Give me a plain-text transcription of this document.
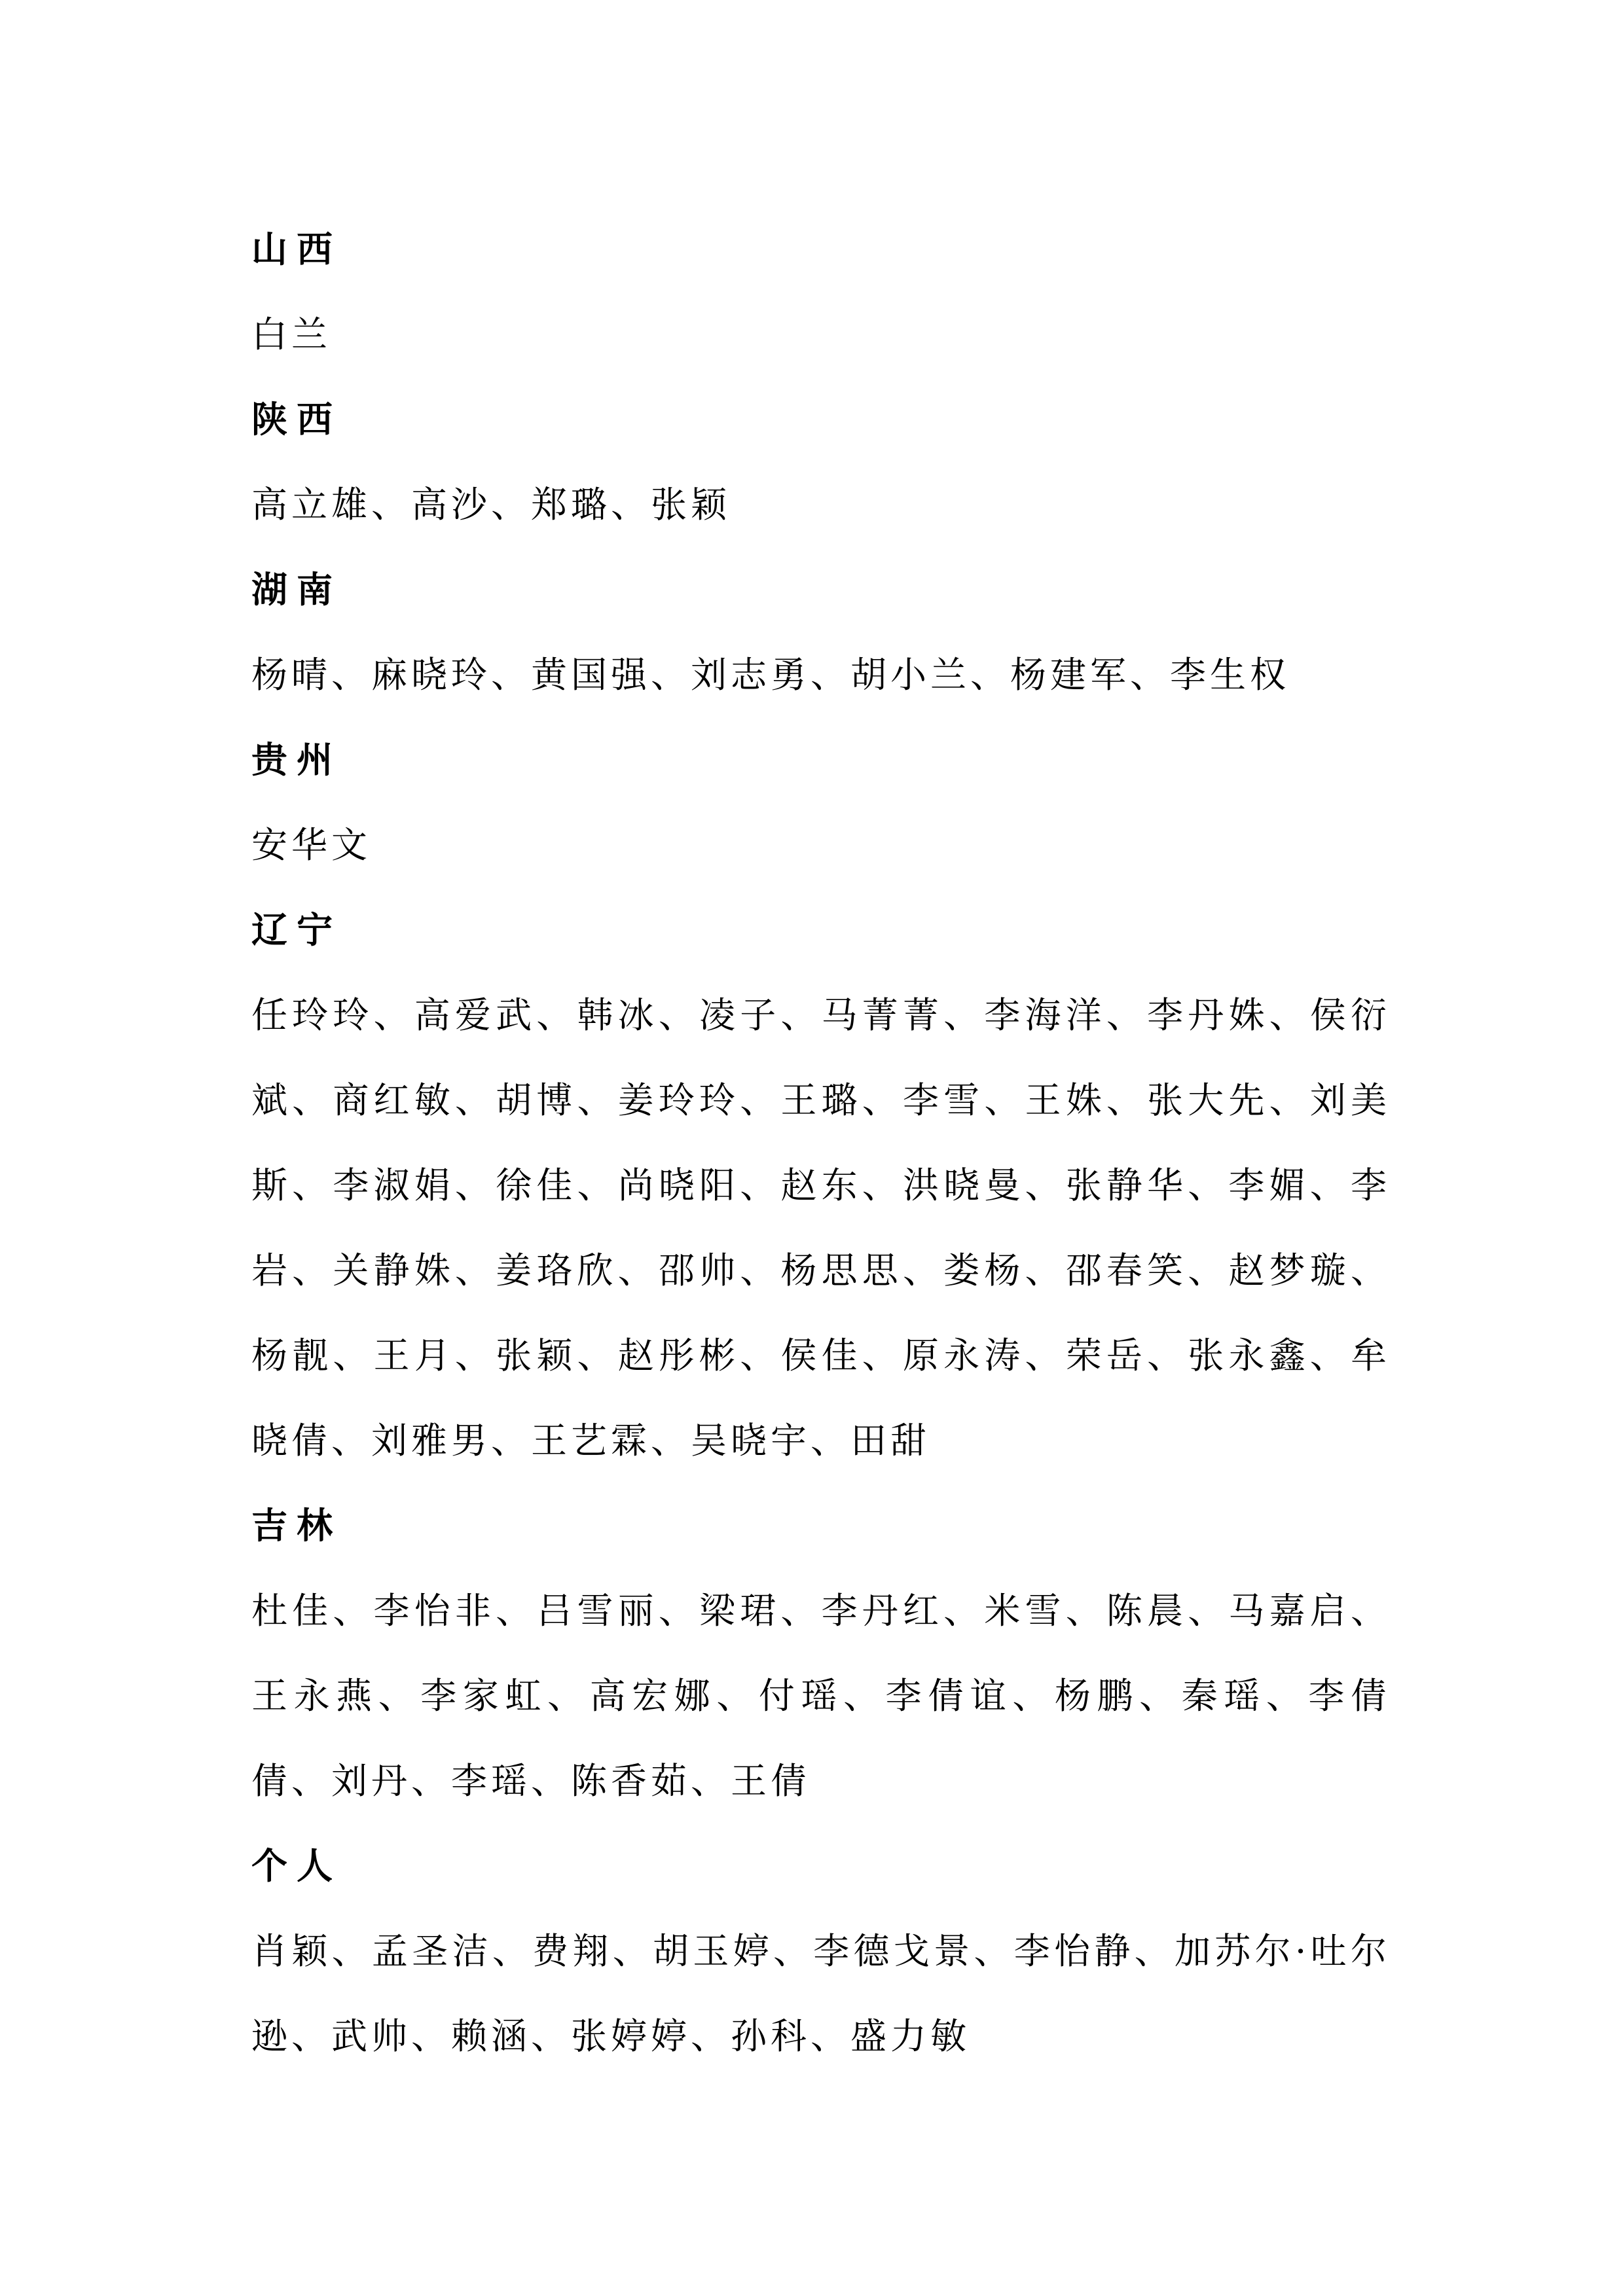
山西
白兰
陕西
高立雄、高沙、郑璐、张颖
湖南
杨晴、麻晓玲、黄国强、刘志勇、胡小兰、杨建军、李生权
贵州
安华文
辽宁
任玲玲、高爱武、韩冰、凌子、马菁菁、李海洋、李丹姝、侯衍斌、商红敏、胡博、姜玲玲、王璐、李雪、王姝、张大先、刘美斯、李淑娟、徐佳、尚晓阳、赵东、洪晓曼、张静华、李媚、李岩、关静姝、姜珞欣、邵帅、杨思思、娄杨、邵春笑、赵梦璇、杨靓、王月、张颖、赵彤彬、侯佳、原永涛、荣岳、张永鑫、牟晓倩、刘雅男、王艺霖、吴晓宇、田甜
吉林
杜佳、李怡非、吕雪丽、梁珺、李丹红、米雪、陈晨、马嘉启、王永燕、李家虹、高宏娜、付瑶、李倩谊、杨鹏、秦瑶、李倩倩、刘丹、李瑶、陈香茹、王倩
个人
肖颖、孟圣洁、费翔、胡玉婷、李德戈景、李怡静、加苏尔·吐尔逊、武帅、赖涵、张婷婷、孙科、盛力敏
